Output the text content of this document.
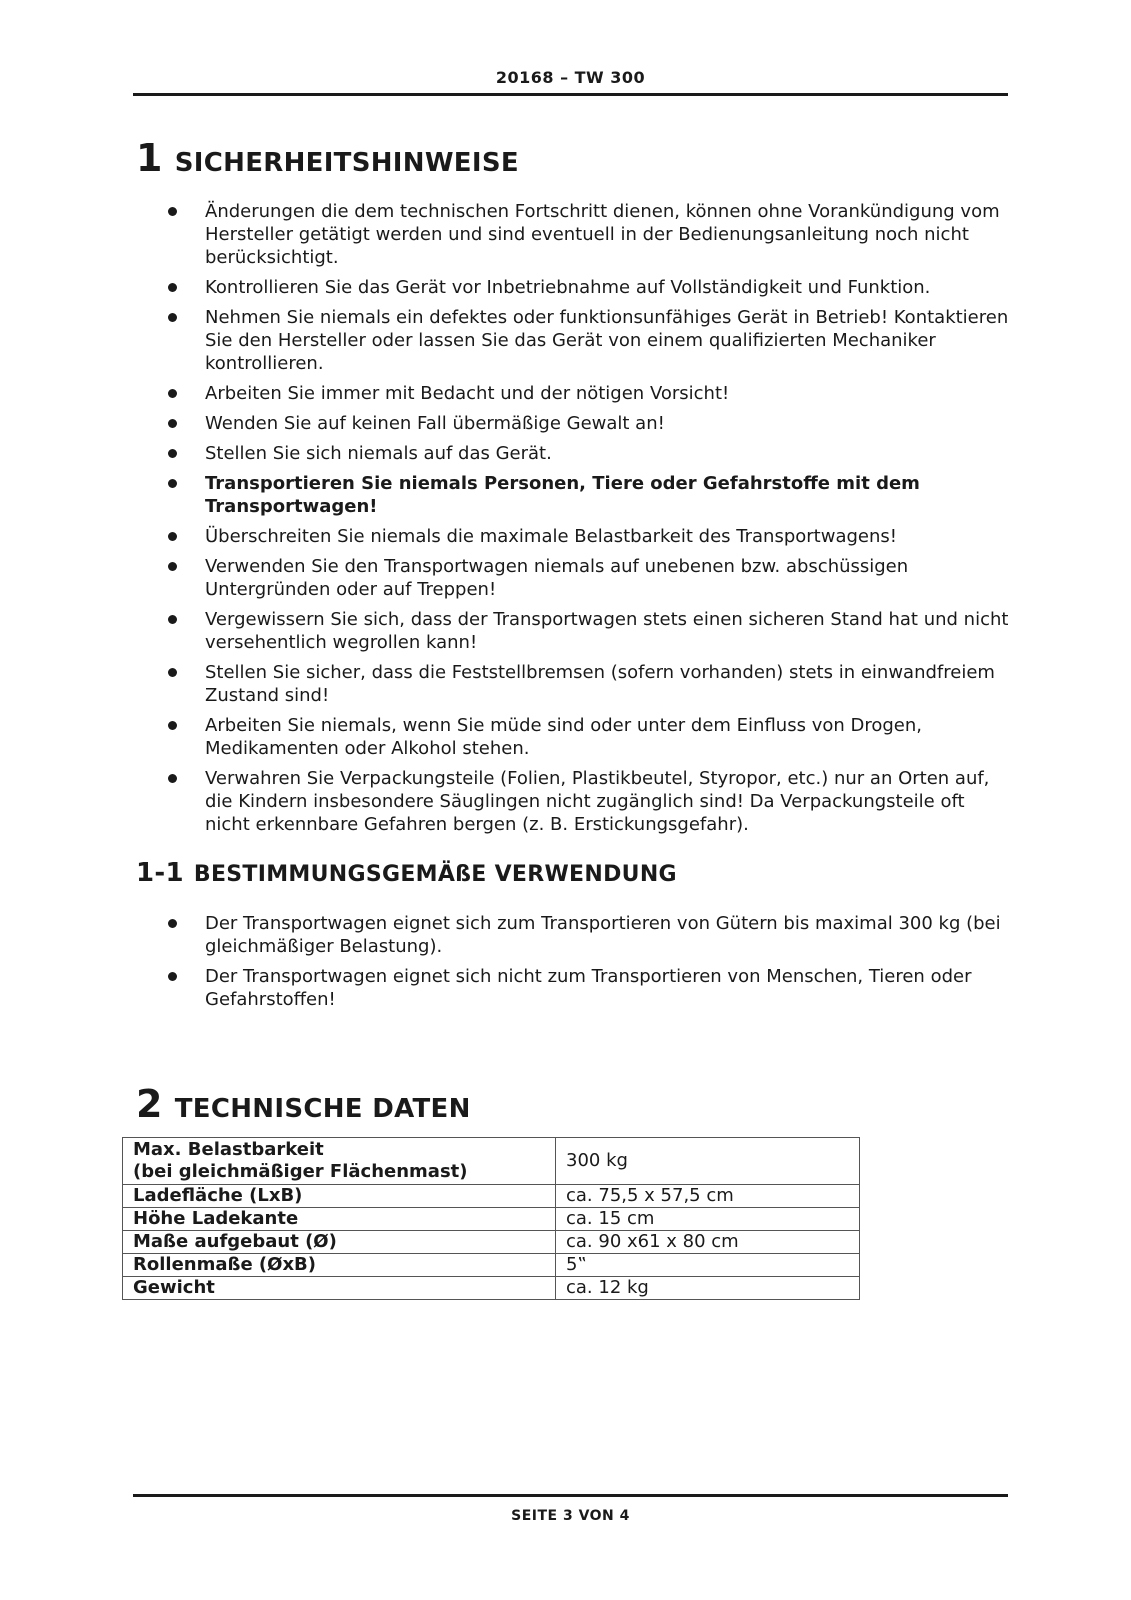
20168 – TW 300
1 SICHERHEITSHINWEISE
Änderungen die dem technischen Fortschritt dienen, können ohne Vorankündigung vom Hersteller getätigt werden und sind eventuell in der Bedienungsanleitung noch nicht berücksichtigt.
Kontrollieren Sie das Gerät vor Inbetriebnahme auf Vollständigkeit und Funktion.
Nehmen Sie niemals ein defektes oder funktionsunfähiges Gerät in Betrieb! Kontaktieren Sie den Hersteller oder lassen Sie das Gerät von einem qualifizierten Mechaniker kontrollieren.
Arbeiten Sie immer mit Bedacht und der nötigen Vorsicht!
Wenden Sie auf keinen Fall übermäßige Gewalt an!
Stellen Sie sich niemals auf das Gerät.
Transportieren Sie niemals Personen, Tiere oder Gefahrstoffe mit dem Transportwagen!
Überschreiten Sie niemals die maximale Belastbarkeit des Transportwagens!
Verwenden Sie den Transportwagen niemals auf unebenen bzw. abschüssigen Untergründen oder auf Treppen!
Vergewissern Sie sich, dass der Transportwagen stets einen sicheren Stand hat und nicht versehentlich wegrollen kann!
Stellen Sie sicher, dass die Feststellbremsen (sofern vorhanden) stets in einwandfreiem Zustand sind!
Arbeiten Sie niemals, wenn Sie müde sind oder unter dem Einfluss von Drogen, Medikamenten oder Alkohol stehen.
Verwahren Sie Verpackungsteile (Folien, Plastikbeutel, Styropor, etc.) nur an Orten auf, die Kindern insbesondere Säuglingen nicht zugänglich sind! Da Verpackungsteile oft nicht erkennbare Gefahren bergen (z. B. Erstickungsgefahr).
1-1 BESTIMMUNGSGEMÄßE VERWENDUNG
Der Transportwagen eignet sich zum Transportieren von Gütern bis maximal 300 kg (bei gleichmäßiger Belastung).
Der Transportwagen eignet sich nicht zum Transportieren von Menschen, Tieren oder Gefahrstoffen!
2 TECHNISCHE DATEN
Max. Belastbarkeit
(bei gleichmäßiger Flächenmast)	300 kg
Ladefläche (LxB)	ca. 75,5 x 57,5 cm
Höhe Ladekante	ca. 15 cm
Maße aufgebaut (Ø)	ca. 90 x61 x 80 cm
Rollenmaße (ØxB)	5‟
Gewicht	ca. 12 kg
SEITE 3 VON 4
